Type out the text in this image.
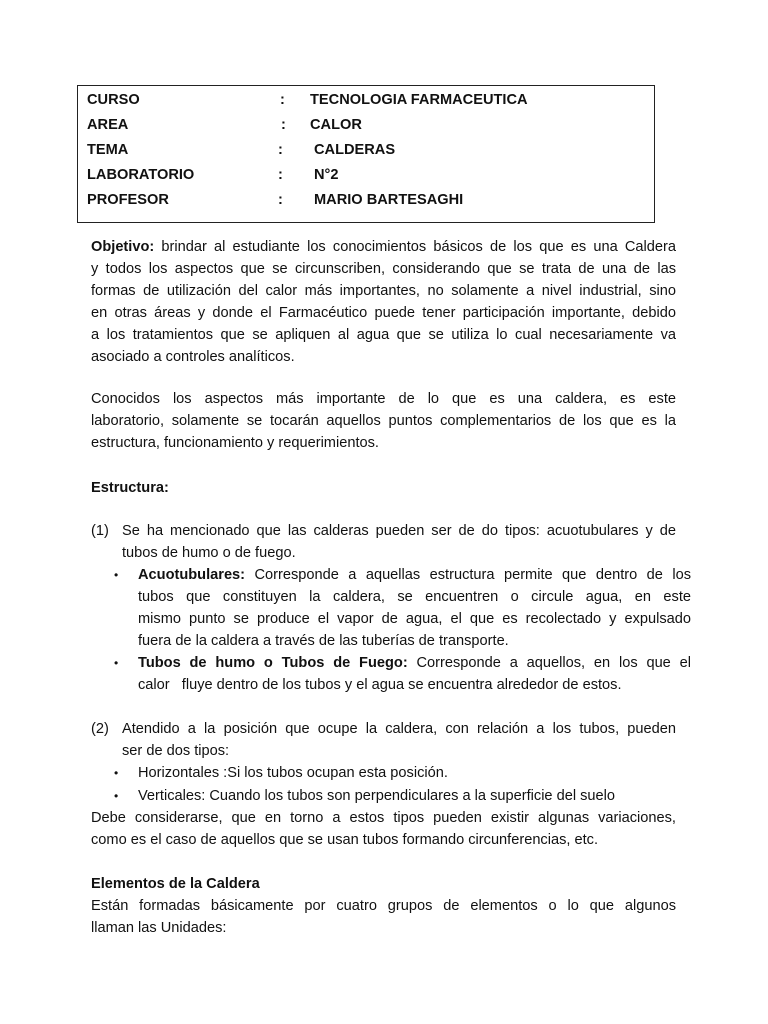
CURSO	: TECNOLOGIA FARMACEUTICA
AREA	: CALOR
TEMA	: CALDERAS
LABORATORIO	: N°2
PROFESOR	: MARIO BARTESAGHI
Objetivo: brindar al estudiante los conocimientos básicos de los que es una Caldera
y todos los aspectos que se circunscriben, considerando que se trata de una de las
formas de utilización del calor más importantes, no solamente a nivel industrial, sino
en otras áreas y donde el Farmacéutico puede tener participación importante, debido
a los tratamientos que se apliquen al agua que se utiliza lo cual necesariamente va
asociado a controles analíticos.
Conocidos los aspectos más importante de lo que es una caldera, es este
laboratorio, solamente se tocarán aquellos puntos complementarios de los que es la
estructura, funcionamiento y requerimientos.
Estructura:
(1) Se ha mencionado que las calderas pueden ser de do tipos: acuotubulares y de
tubos de humo o de fuego.
• Acuotubulares: Corresponde a aquellas estructura permite que dentro de los
tubos que constituyen la caldera, se encuentren o circule agua, en este
mismo punto se produce el vapor de agua, el que es recolectado y expulsado
fuera de la caldera a través de las tuberías de transporte.
• Tubos de humo o Tubos de Fuego: Corresponde a aquellos, en los que el
calor   fluye dentro de los tubos y el agua se encuentra alrededor de estos.
(2) Atendido a la posición que ocupe la caldera, con relación a los tubos, pueden
ser de dos tipos:
• Horizontales :Si los tubos ocupan esta posición.
• Verticales: Cuando los tubos son perpendiculares a la superficie del suelo
Debe considerarse, que en torno a estos tipos pueden existir algunas variaciones,
como es el caso de aquellos que se usan tubos formando circunferencias, etc.
Elementos de la Caldera
Están formadas básicamente por cuatro grupos de elementos o lo que algunos
llaman las Unidades:
